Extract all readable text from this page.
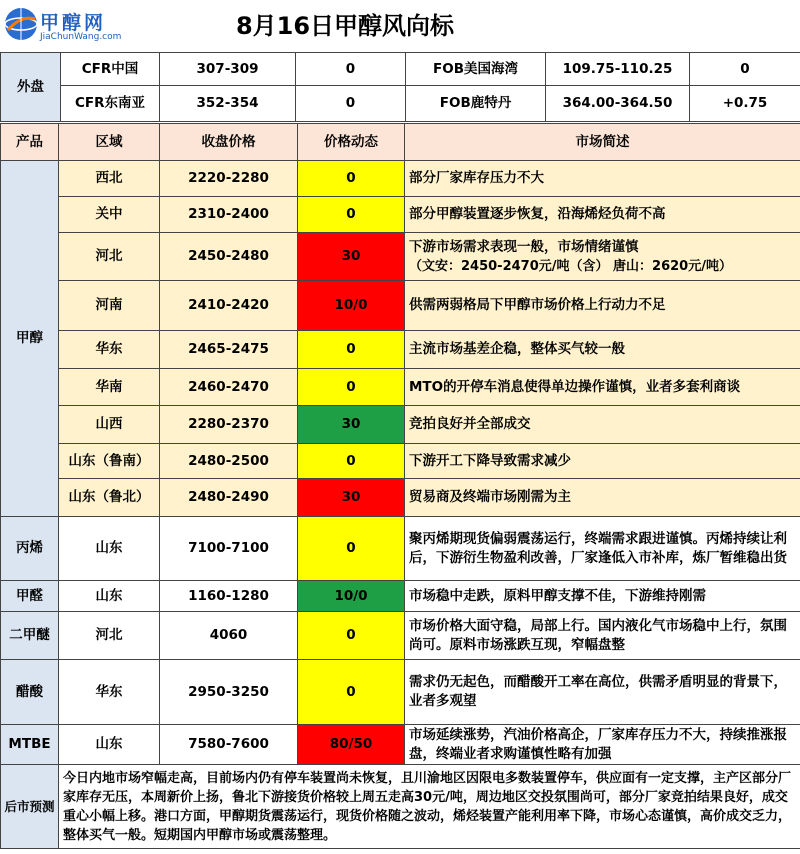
甲醇网
JiaChunWang.com	8月16日甲醇风向标
外盘	CFR中国	307-309	0	FOB美国海湾	109.75-110.25	0
	CFR东南亚	352-354	0	FOB鹿特丹	364.00-364.50	+0.75
产品	区域	收盘价格	价格动态	市场简述
甲醇	西北	2220-2280	0	部分厂家库存压力不大
	关中	2310-2400	0	部分甲醇装置逐步恢复，沿海烯烃负荷不高
	河北	2450-2480	30	下游市场需求表现一般，市场情绪谨慎
（文安：2450-2470元/吨（含） 唐山：2620元/吨）

	河南	2410-2420	10/0	供需两弱格局下甲醇市场价格上行动力不足
	华东	2465-2475	0	主流市场基差企稳，整体买气较一般
	华南	2460-2470	0	MTO的开停车消息使得单边操作谨慎，业者多套利商谈
	山西	2280-2370	30	竞拍良好并全部成交
	山东（鲁南）	2480-2500	0	下游开工下降导致需求减少
	山东（鲁北）	2480-2490	30	贸易商及终端市场刚需为主
丙烯	山东	7100-7100	0	聚丙烯期现货偏弱震荡运行，终端需求跟进谨慎。丙烯持续让利后，下游衍生物盈利改善，厂家逢低入市补库，炼厂暂维稳出货
甲醛	山东	1160-1280	10/0	市场稳中走跌，原料甲醇支撑不佳，下游维持刚需
二甲醚	河北	4060	0	市场价格大面守稳，局部上行。国内液化气市场稳中上行，氛围尚可。原料市场涨跌互现，窄幅盘整
醋酸	华东	2950-3250	0	需求仍无起色，而醋酸开工率在高位，供需矛盾明显的背景下，业者多观望
MTBE	山东	7580-7600	80/50	市场延续涨势，汽油价格高企，厂家库存压力不大，持续推涨报盘，终端业者求购谨慎性略有加强
后市预测	今日内地市场窄幅走高，目前场内仍有停车装置尚未恢复，且川渝地区因限电多数装置停车，供应面有一定支撑，主产区部分厂家库存无压，本周新价上扬，鲁北下游接货价格较上周五走高30元/吨，周边地区交投氛围尚可，部分厂家竞拍结果良好，成交重心小幅上移。港口方面，甲醇期货震荡运行，现货价格随之波动，烯烃装置产能利用率下降，市场心态谨慎，高价成交乏力，整体买气一般。短期国内甲醇市场或震荡整理。			
